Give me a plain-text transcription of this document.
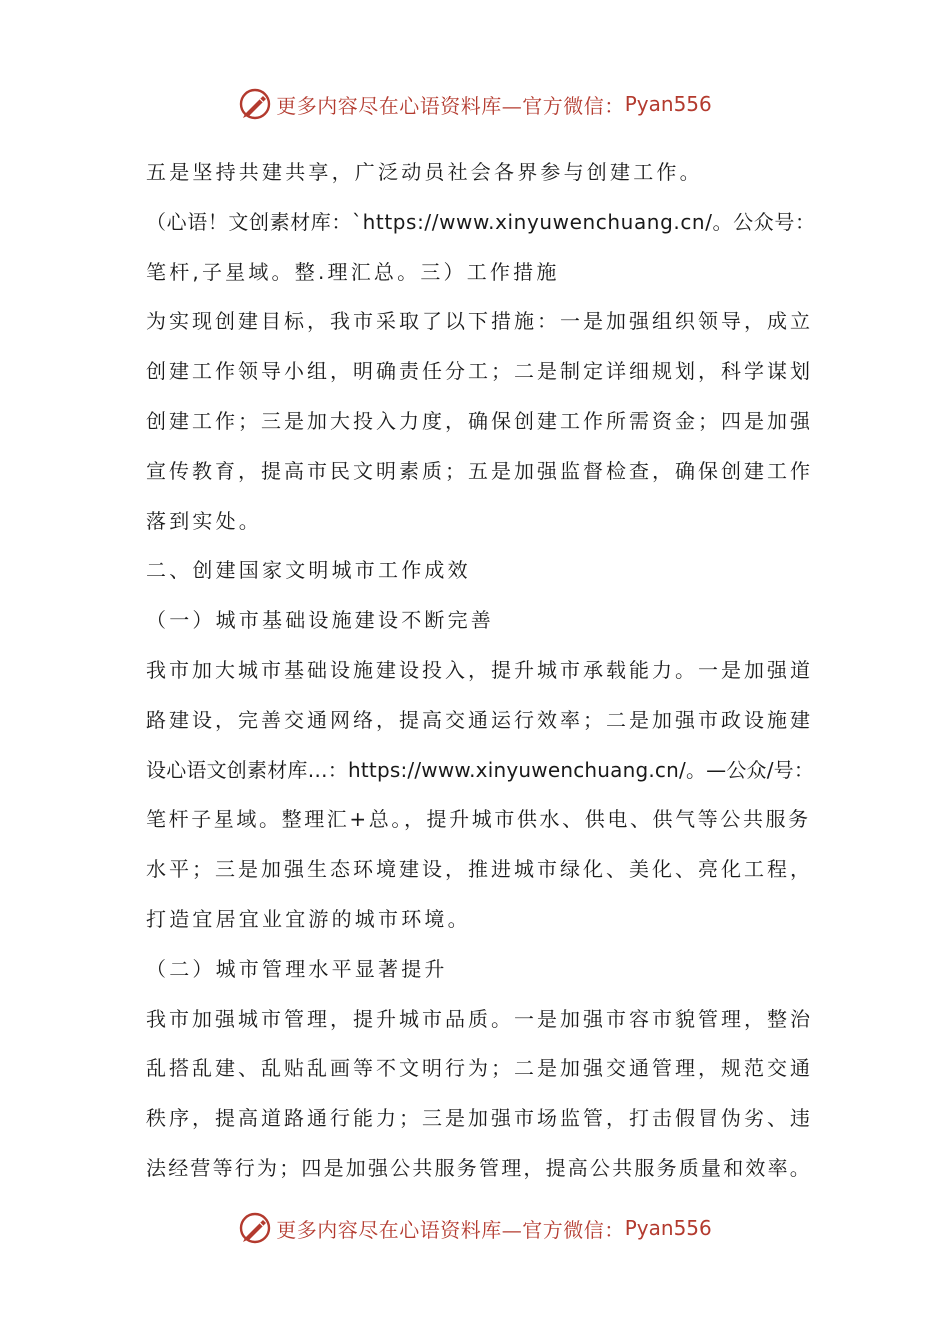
更多内容尽在心语资料库—官方微信： Pyan556
五是坚持共建共享，广泛动员社会各界参与创建工作。
（心语！文创素材库：`https://www.xinyuwenchuang.cn/。公众号：
笔杆,子星域。整.理汇总。三）工作措施
为实现创建目标，我市采取了以下措施：一是加强组织领导，成立
创建工作领导小组，明确责任分工；二是制定详细规划，科学谋划
创建工作；三是加大投入力度，确保创建工作所需资金；四是加强
宣传教育，提高市民文明素质；五是加强监督检查，确保创建工作
落到实处。
二、创建国家文明城市工作成效
（一）城市基础设施建设不断完善
我市加大城市基础设施建设投入，提升城市承载能力。一是加强道
路建设，完善交通网络，提高交通运行效率；二是加强市政设施建
设心语文创素材库…：https://www.xinyuwenchuang.cn/。—公众/号：
笔杆子星域。整理汇+总。，提升城市供水、供电、供气等公共服务
水平；三是加强生态环境建设，推进城市绿化、美化、亮化工程，
打造宜居宜业宜游的城市环境。
（二）城市管理水平显著提升
我市加强城市管理，提升城市品质。一是加强市容市貌管理，整治
乱搭乱建、乱贴乱画等不文明行为；二是加强交通管理，规范交通
秩序，提高道路通行能力；三是加强市场监管，打击假冒伪劣、违
法经营等行为；四是加强公共服务管理，提高公共服务质量和效率。
更多内容尽在心语资料库—官方微信： Pyan556
